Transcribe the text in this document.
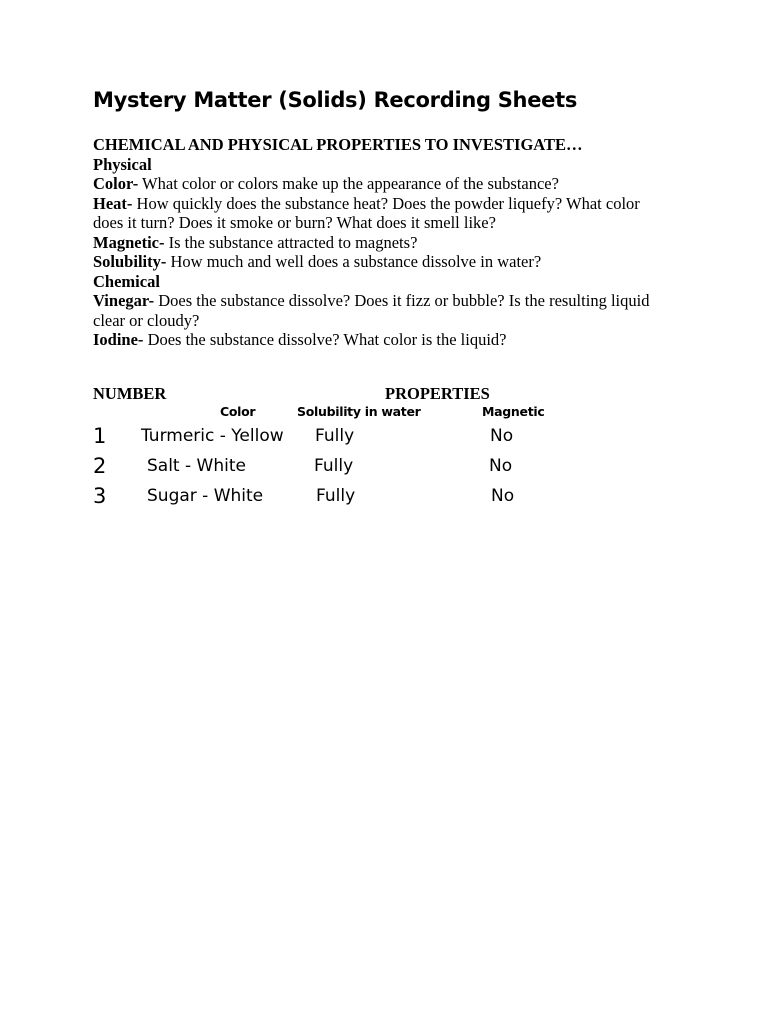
Mystery Matter (Solids) Recording Sheets

CHEMICAL AND PHYSICAL PROPERTIES TO INVESTIGATE…

Physical

Color- What color or colors make up the appearance of the substance?

Heat- How quickly does the substance heat? Does the powder liquefy? What color does it turn? Does it smoke or burn? What does it smell like?

Magnetic- Is the substance attracted to magnets?

Solubility- How much and well does a substance dissolve in water?

Chemical

Vinegar- Does the substance dissolve? Does it fizz or bubble? Is the resulting liquid clear or cloudy?

Iodine- Does the substance dissolve? What color is the liquid?

NUMBER	PROPERTIES
Color	Solubility in water	Magnetic
1 Turmeric - Yellow Fully	No
2 Salt - White	Fully	No
3 Sugar - White	Fully	No
